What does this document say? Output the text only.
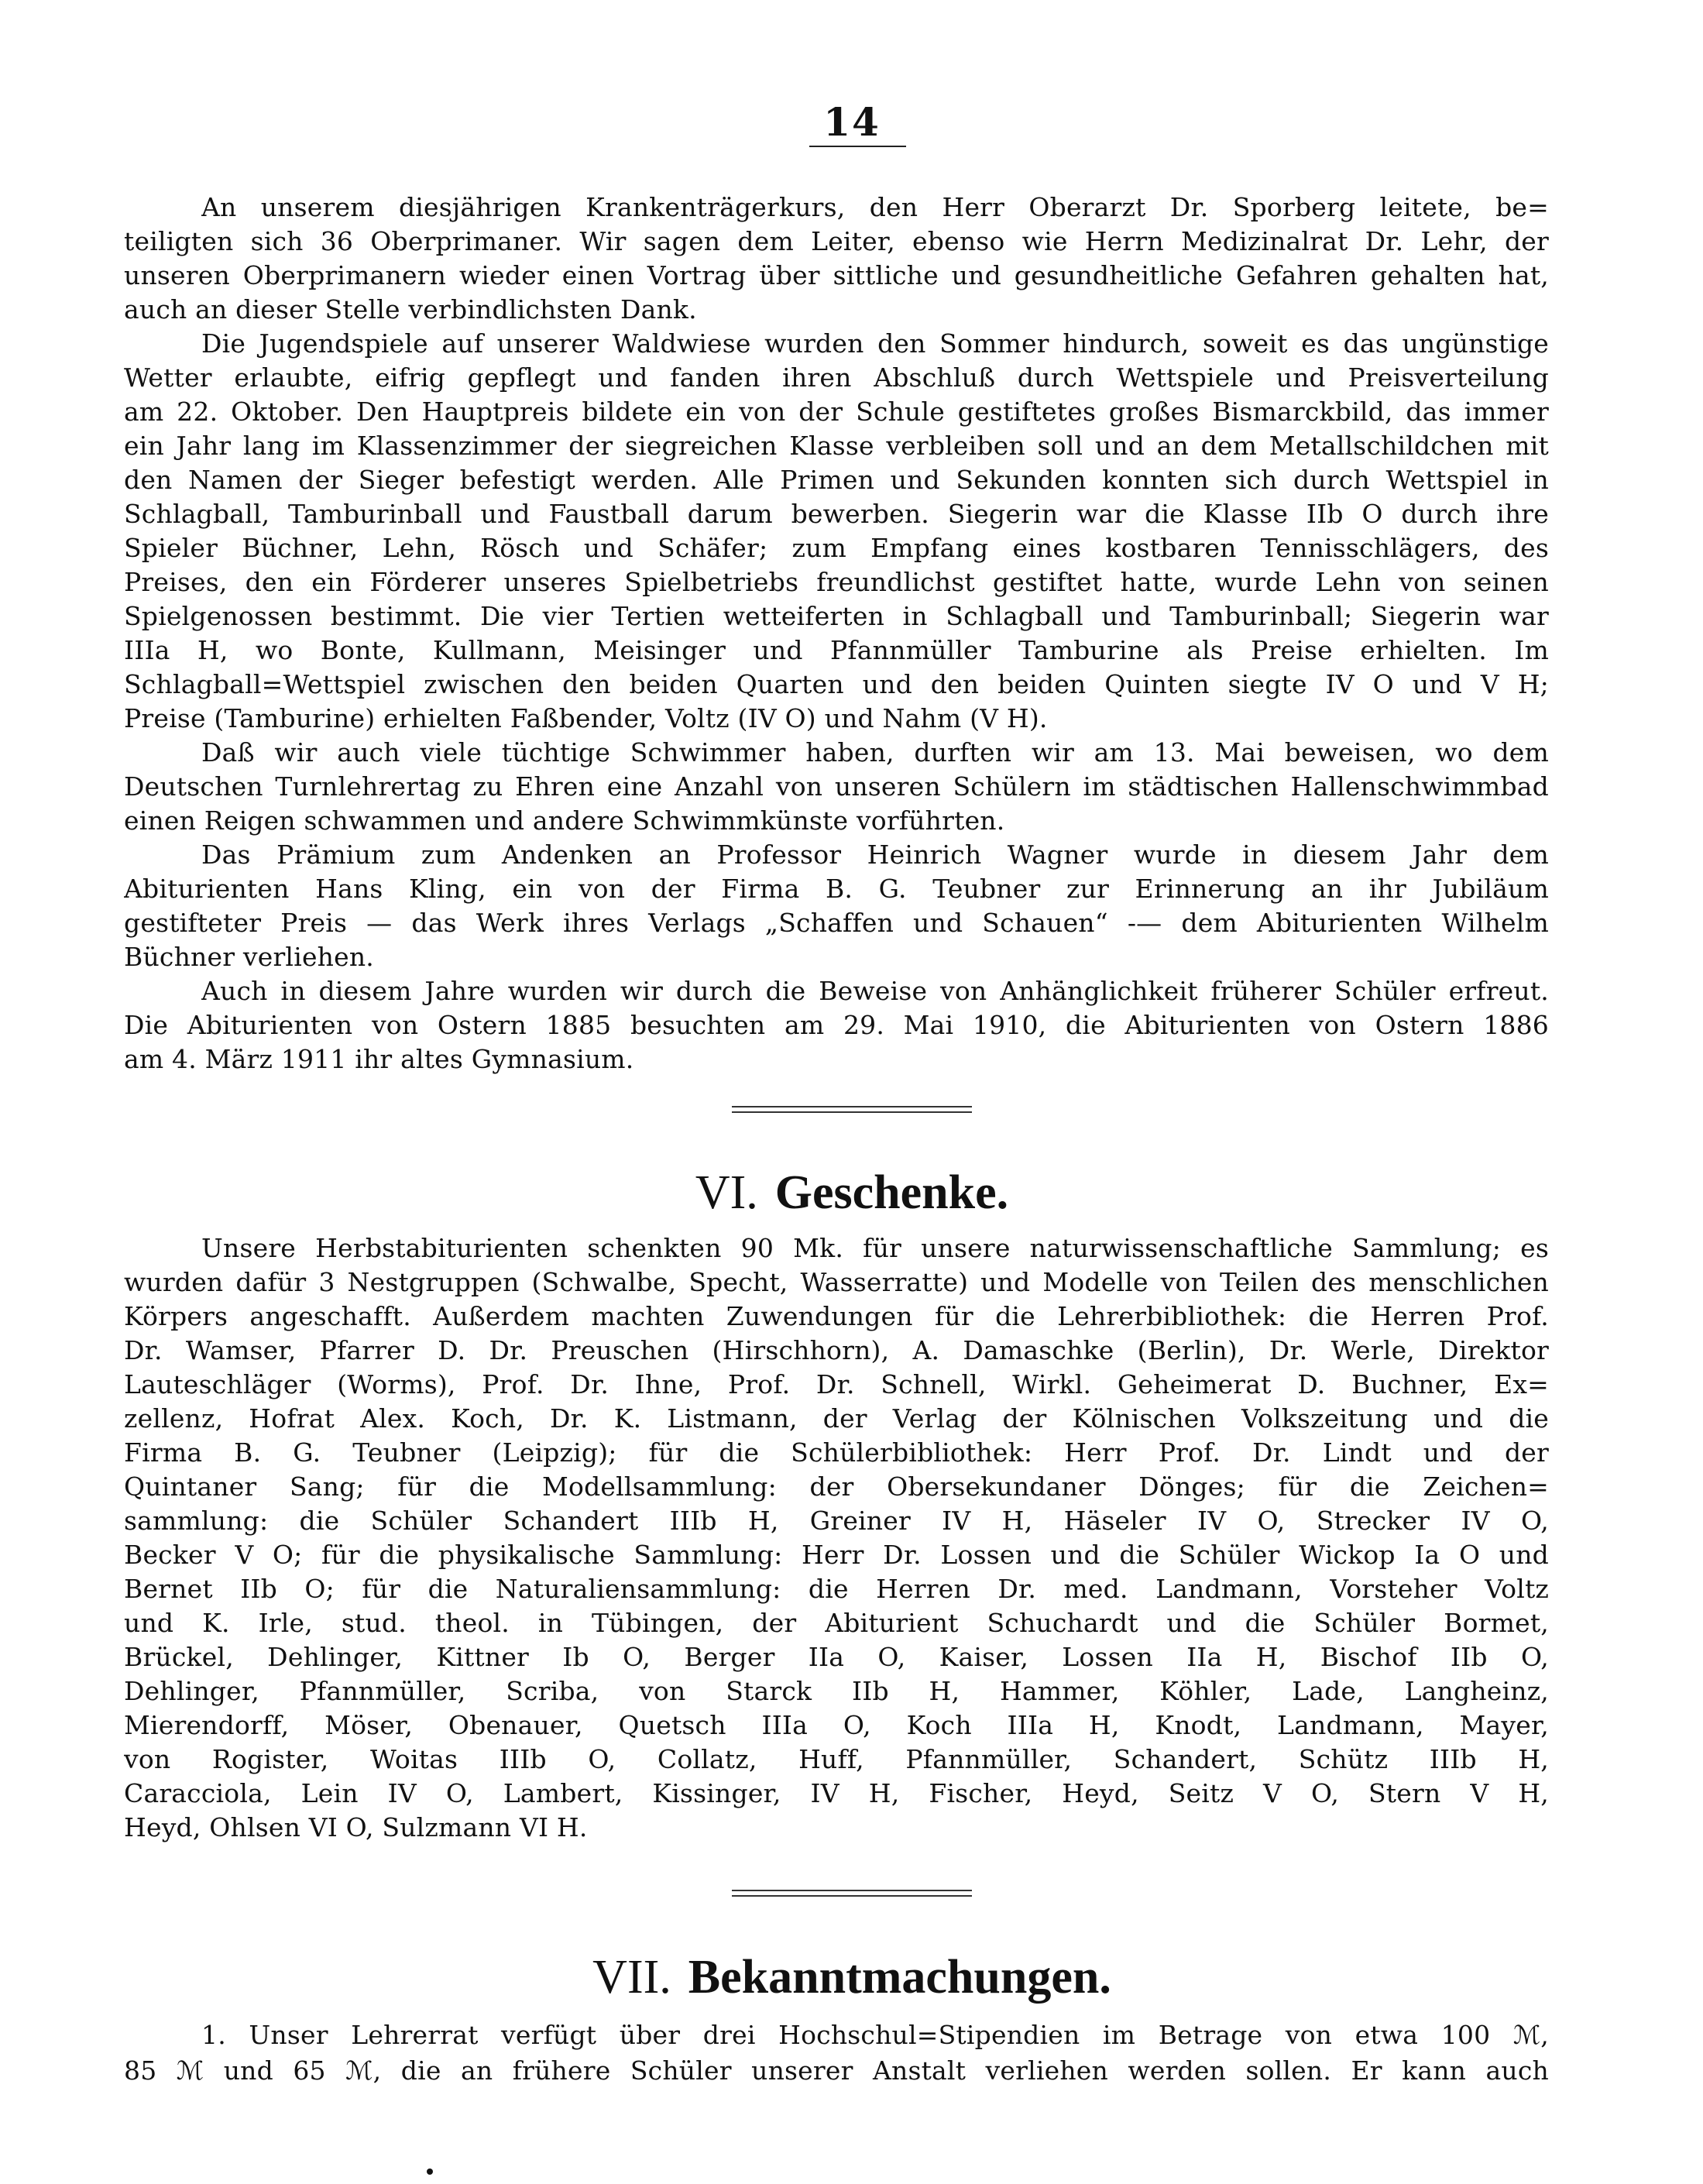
14
An unserem diesjährigen Krankenträgerkurs, den Herr Oberarzt Dr. Sporberg leitete, be=
teiligten sich 36 Oberprimaner. Wir sagen dem Leiter, ebenso wie Herrn Medizinalrat Dr. Lehr, der
unseren Oberprimanern wieder einen Vortrag über sittliche und gesundheitliche Gefahren gehalten hat,
auch an dieser Stelle verbindlichsten Dank.
Die Jugendspiele auf unserer Waldwiese wurden den Sommer hindurch, soweit es das ungünstige
Wetter erlaubte, eifrig gepflegt und fanden ihren Abschluß durch Wettspiele und Preisverteilung
am 22. Oktober. Den Hauptpreis bildete ein von der Schule gestiftetes großes Bismarckbild, das immer
ein Jahr lang im Klassenzimmer der siegreichen Klasse verbleiben soll und an dem Metallschildchen mit
den Namen der Sieger befestigt werden. Alle Primen und Sekunden konnten sich durch Wettspiel in
Schlagball, Tamburinball und Faustball darum bewerben. Siegerin war die Klasse IIb O durch ihre
Spieler Büchner, Lehn, Rösch und Schäfer; zum Empfang eines kostbaren Tennisschlägers, des
Preises, den ein Förderer unseres Spielbetriebs freundlichst gestiftet hatte, wurde Lehn von seinen
Spielgenossen bestimmt. Die vier Tertien wetteiferten in Schlagball und Tamburinball; Siegerin war
IIIa H, wo Bonte, Kullmann, Meisinger und Pfannmüller Tamburine als Preise erhielten. Im
Schlagball=Wettspiel zwischen den beiden Quarten und den beiden Quinten siegte IV O und V H;
Preise (Tamburine) erhielten Faßbender, Voltz (IV O) und Nahm (V H).
Daß wir auch viele tüchtige Schwimmer haben, durften wir am 13. Mai beweisen, wo dem
Deutschen Turnlehrertag zu Ehren eine Anzahl von unseren Schülern im städtischen Hallenschwimmbad
einen Reigen schwammen und andere Schwimmkünste vorführten.
Das Prämium zum Andenken an Professor Heinrich Wagner wurde in diesem Jahr dem
Abiturienten Hans Kling, ein von der Firma B. G. Teubner zur Erinnerung an ihr Jubiläum
gestifteter Preis — das Werk ihres Verlags „Schaffen und Schauen“ -— dem Abiturienten Wilhelm
Büchner verliehen.
Auch in diesem Jahre wurden wir durch die Beweise von Anhänglichkeit früherer Schüler erfreut.
Die Abiturienten von Ostern 1885 besuchten am 29. Mai 1910, die Abiturienten von Ostern 1886
am 4. März 1911 ihr altes Gymnasium.
VI. Geschenke.
Unsere Herbstabiturienten schenkten 90 Mk. für unsere naturwissenschaftliche Sammlung; es
wurden dafür 3 Nestgruppen (Schwalbe, Specht, Wasserratte) und Modelle von Teilen des menschlichen
Körpers angeschafft. Außerdem machten Zuwendungen für die Lehrerbibliothek: die Herren Prof.
Dr. Wamser, Pfarrer D. Dr. Preuschen (Hirschhorn), A. Damaschke (Berlin), Dr. Werle, Direktor
Lauteschläger (Worms), Prof. Dr. Ihne, Prof. Dr. Schnell, Wirkl. Geheimerat D. Buchner, Ex=
zellenz, Hofrat Alex. Koch, Dr. K. Listmann, der Verlag der Kölnischen Volkszeitung und die
Firma B. G. Teubner (Leipzig); für die Schülerbibliothek: Herr Prof. Dr. Lindt und der
Quintaner Sang; für die Modellsammlung: der Obersekundaner Dönges; für die Zeichen=
sammlung: die Schüler Schandert IIIb H, Greiner IV H, Häseler IV O, Strecker IV O,
Becker V O; für die physikalische Sammlung: Herr Dr. Lossen und die Schüler Wickop Ia O und
Bernet IIb O; für die Naturaliensammlung: die Herren Dr. med. Landmann, Vorsteher Voltz
und K. Irle, stud. theol. in Tübingen, der Abiturient Schuchardt und die Schüler Bormet,
Brückel, Dehlinger, Kittner Ib O, Berger IIa O, Kaiser, Lossen IIa H, Bischof IIb O,
Dehlinger, Pfannmüller, Scriba, von Starck IIb H, Hammer, Köhler, Lade, Langheinz,
Mierendorff, Möser, Obenauer, Quetsch IIIa O, Koch IIIa H, Knodt, Landmann, Mayer,
von Rogister, Woitas IIIb O, Collatz, Huff, Pfannmüller, Schandert, Schütz IIIb H,
Caracciola, Lein IV O, Lambert, Kissinger, IV H, Fischer, Heyd, Seitz V O, Stern V H,
Heyd, Ohlsen VI O, Sulzmann VI H.
VII. Bekanntmachungen.
1. Unser Lehrerrat verfügt über drei Hochschul=Stipendien im Betrage von etwa 100 ℳ,
85 ℳ und 65 ℳ, die an frühere Schüler unserer Anstalt verliehen werden sollen. Er kann auch
